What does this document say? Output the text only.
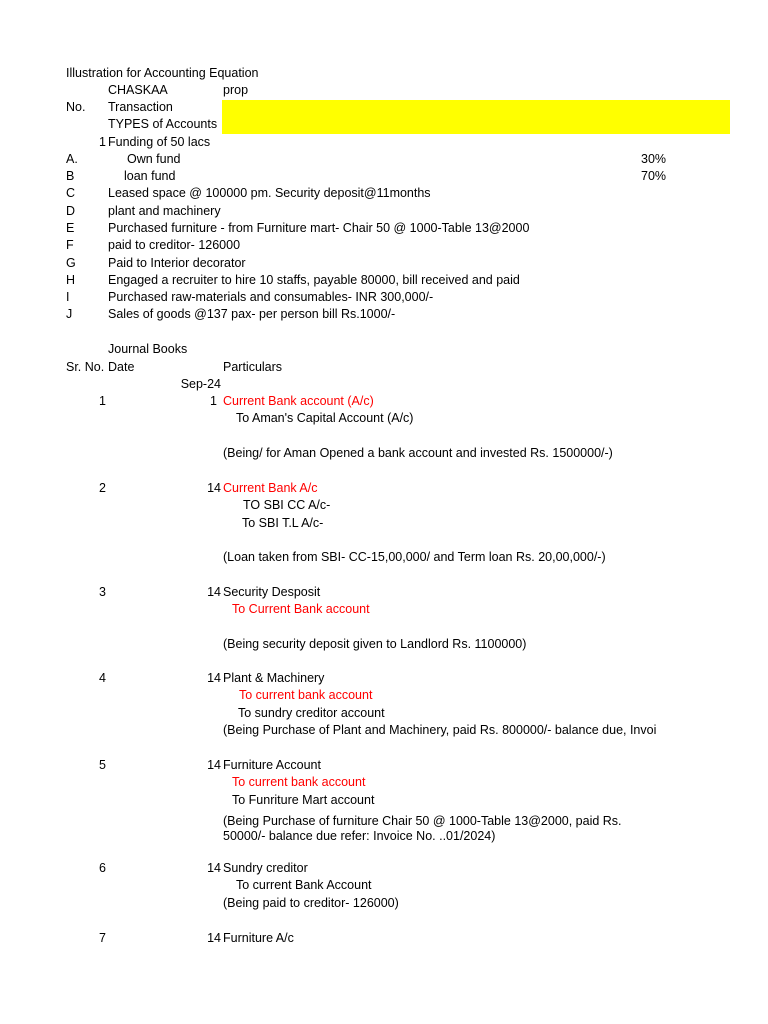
Illustration for Accounting Equation
CHASKAA	prop
No. Transaction
TYPES of Accounts
1 Funding of 50 lacs
A.	Own fund	30%
B	loan fund	70%
C	Leased space @ 100000 pm. Security deposit@11months
D	plant and machinery
E	Purchased furniture - from Furniture mart- Chair 50 @ 1000-Table 13@2000
F	paid to creditor- 126000
G	Paid to Interior decorator
H	Engaged a recruiter to hire 10 staffs, payable 80000, bill received and paid
I	Purchased raw-materials and consumables- INR 300,000/-
J	Sales of goods @137 pax- per person bill Rs.1000/-
Journal Books
Sr. No. Date	Particulars
Sep-24
1	1 Current Bank account (A/c)
To Aman's Capital Account (A/c)
(Being/ for Aman Opened a bank account and invested Rs. 1500000/-)
2	14 Current Bank A/c
TO SBI CC A/c-
To SBI T.L A/c-
(Loan taken from SBI- CC-15,00,000/ and Term loan Rs. 20,00,000/-)
3	14 Security Desposit
To Current Bank account
(Being security deposit given to Landlord Rs. 1100000)
4	14 Plant & Machinery
To current bank account
To sundry creditor account
(Being Purchase of Plant and Machinery, paid Rs. 800000/- balance due, Invoi
5	14 Furniture Account
To current bank account
To Funriture Mart account
(Being Purchase of furniture Chair 50 @ 1000-Table 13@2000, paid Rs. 50000/- balance due refer: Invoice No. ..01/2024)
6	14 Sundry creditor
To current Bank Account
(Being paid to creditor- 126000)
7	14 Furniture A/c
